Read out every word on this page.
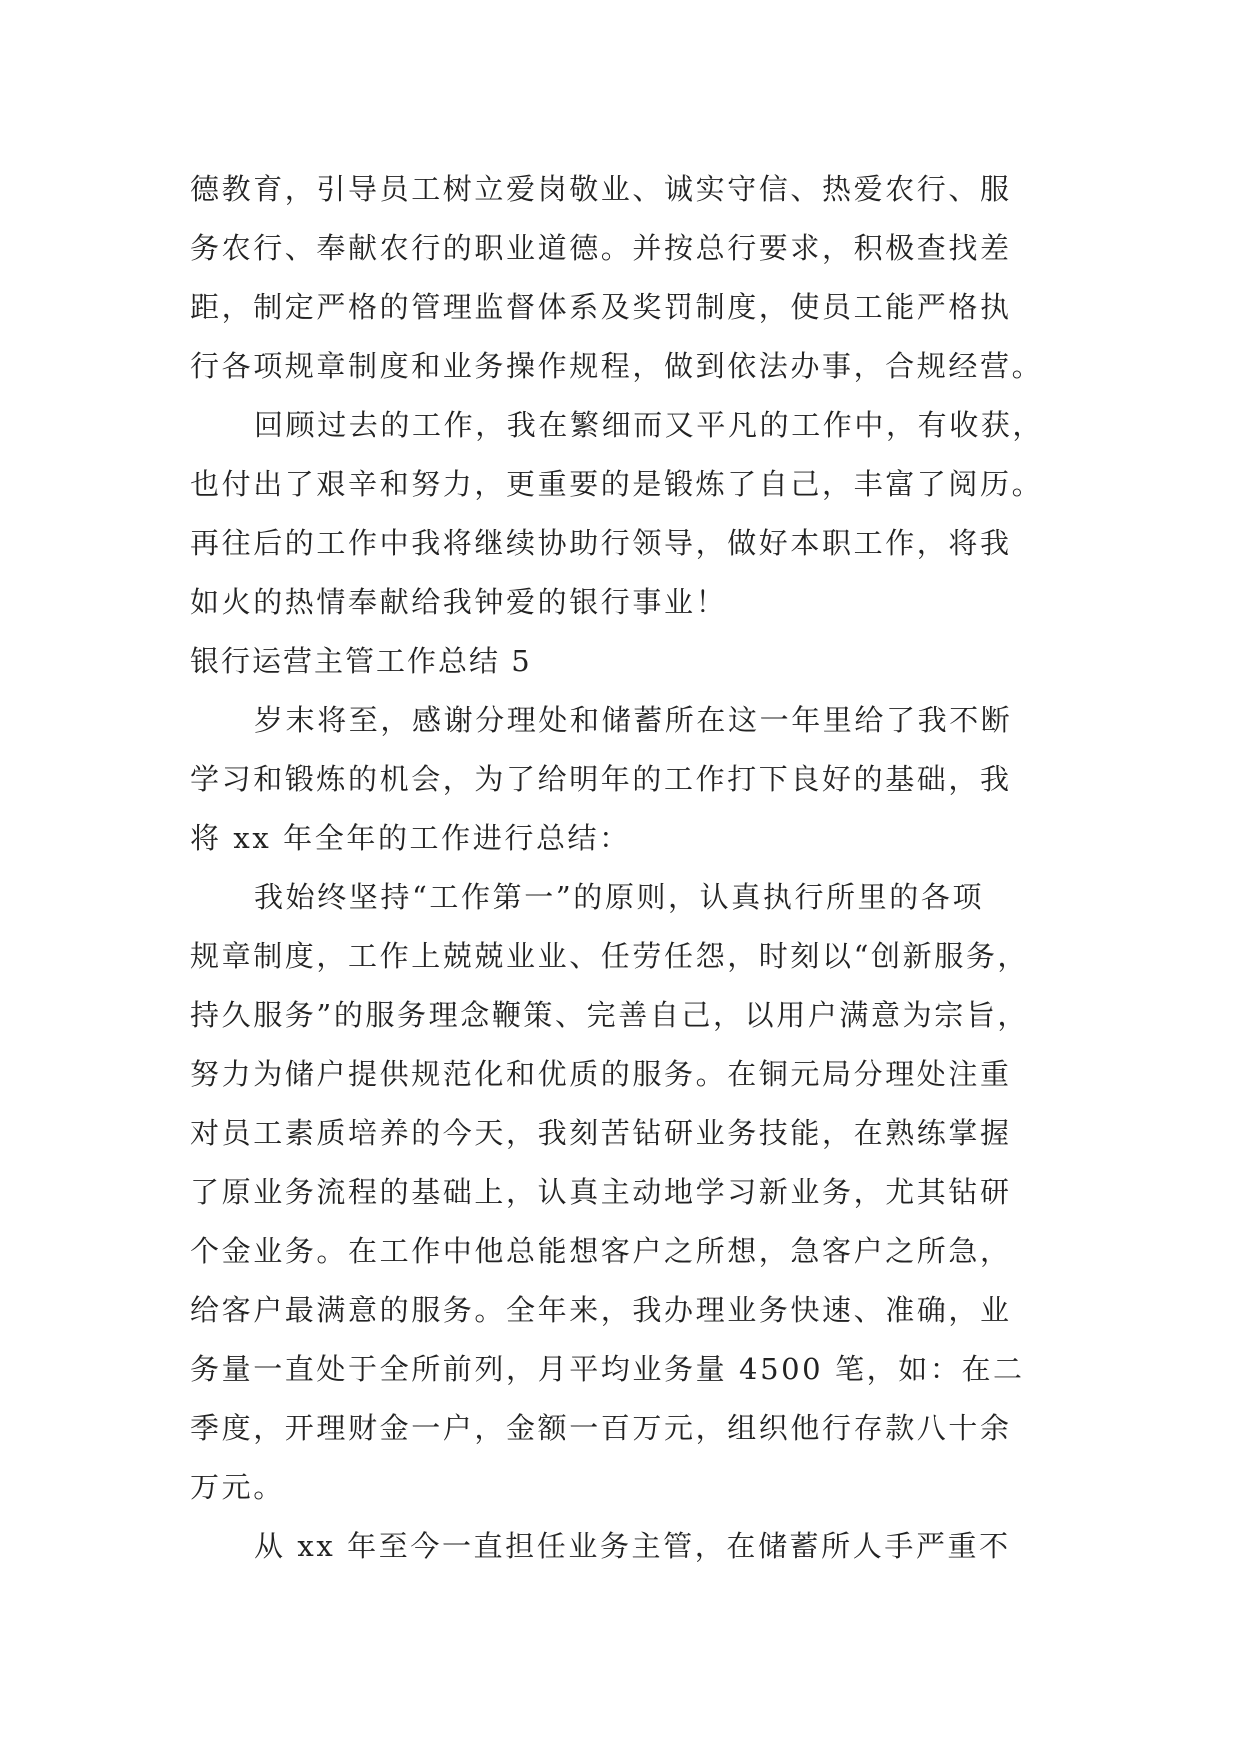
德教育，引导员工树立爱岗敬业、诚实守信、热爱农行、服
务农行、奉献农行的职业道德。并按总行要求，积极查找差
距，制定严格的管理监督体系及奖罚制度，使员工能严格执
行各项规章制度和业务操作规程，做到依法办事，合规经营。
回顾过去的工作，我在繁细而又平凡的工作中，有收获，
也付出了艰辛和努力，更重要的是锻炼了自己，丰富了阅历。
再往后的工作中我将继续协助行领导，做好本职工作，将我
如火的热情奉献给我钟爱的银行事业！
银行运营主管工作总结 5
岁末将至，感谢分理处和储蓄所在这一年里给了我不断
学习和锻炼的机会，为了给明年的工作打下良好的基础，我
将 xx 年全年的工作进行总结：
我始终坚持“工作第一”的原则，认真执行所里的各项
规章制度，工作上兢兢业业、任劳任怨，时刻以“创新服务，
持久服务”的服务理念鞭策、完善自己，以用户满意为宗旨，
努力为储户提供规范化和优质的服务。在铜元局分理处注重
对员工素质培养的今天，我刻苦钻研业务技能，在熟练掌握
了原业务流程的基础上，认真主动地学习新业务，尤其钻研
个金业务。在工作中他总能想客户之所想，急客户之所急，
给客户最满意的服务。全年来，我办理业务快速、准确，业
务量一直处于全所前列，月平均业务量 4500 笔，如：在二
季度，开理财金一户，金额一百万元，组织他行存款八十余
万元。
从 xx 年至今一直担任业务主管，在储蓄所人手严重不
